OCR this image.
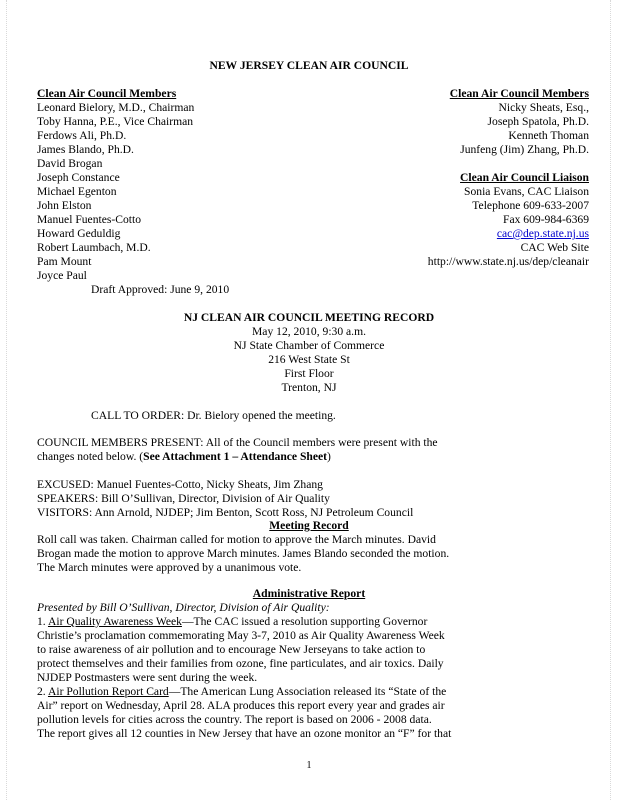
NEW JERSEY CLEAN AIR COUNCIL
Clean Air Council Members
Leonard Bielory, M.D., Chairman
Toby Hanna, P.E., Vice Chairman
Ferdows Ali, Ph.D.
James Blando, Ph.D.
David Brogan
Joseph Constance
Michael Egenton
John Elston
Manuel Fuentes-Cotto
Howard Geduldig
Robert Laumbach, M.D.
Pam Mount
Joyce Paul
Clean Air Council Members
Nicky Sheats, Esq.,
Joseph Spatola, Ph.D.
Kenneth Thoman
Junfeng (Jim) Zhang, Ph.D.
Clean Air Council Liaison
Sonia Evans, CAC Liaison
Telephone 609-633-2007
Fax 609-984-6369
cac@dep.state.nj.us
CAC Web Site
http://www.state.nj.us/dep/cleanair
Draft Approved: June 9, 2010
NJ CLEAN AIR COUNCIL MEETING RECORD
May 12, 2010, 9:30 a.m.
NJ State Chamber of Commerce
216 West State St
First Floor
Trenton, NJ
CALL TO ORDER: Dr. Bielory opened the meeting.
COUNCIL MEMBERS PRESENT: All of the Council members were present with the
changes noted below. (See Attachment 1 – Attendance Sheet)
EXCUSED: Manuel Fuentes-Cotto, Nicky Sheats, Jim Zhang
SPEAKERS: Bill O’Sullivan, Director, Division of Air Quality
VISITORS: Ann Arnold, NJDEP; Jim Benton, Scott Ross, NJ Petroleum Council
Meeting Record
Roll call was taken. Chairman called for motion to approve the March minutes. David
Brogan made the motion to approve March minutes. James Blando seconded the motion.
The March minutes were approved by a unanimous vote.
Administrative Report
Presented by Bill O’Sullivan, Director, Division of Air Quality:
1. Air Quality Awareness Week—The CAC issued a resolution supporting Governor
Christie’s proclamation commemorating May 3-7, 2010 as Air Quality Awareness Week
to raise awareness of air pollution and to encourage New Jerseyans to take action to
protect themselves and their families from ozone, fine particulates, and air toxics. Daily
NJDEP Postmasters were sent during the week.
2. Air Pollution Report Card—The American Lung Association released its “State of the
Air” report on Wednesday, April 28. ALA produces this report every year and grades air
pollution levels for cities across the country. The report is based on 2006 - 2008 data.
The report gives all 12 counties in New Jersey that have an ozone monitor an “F” for that
1
